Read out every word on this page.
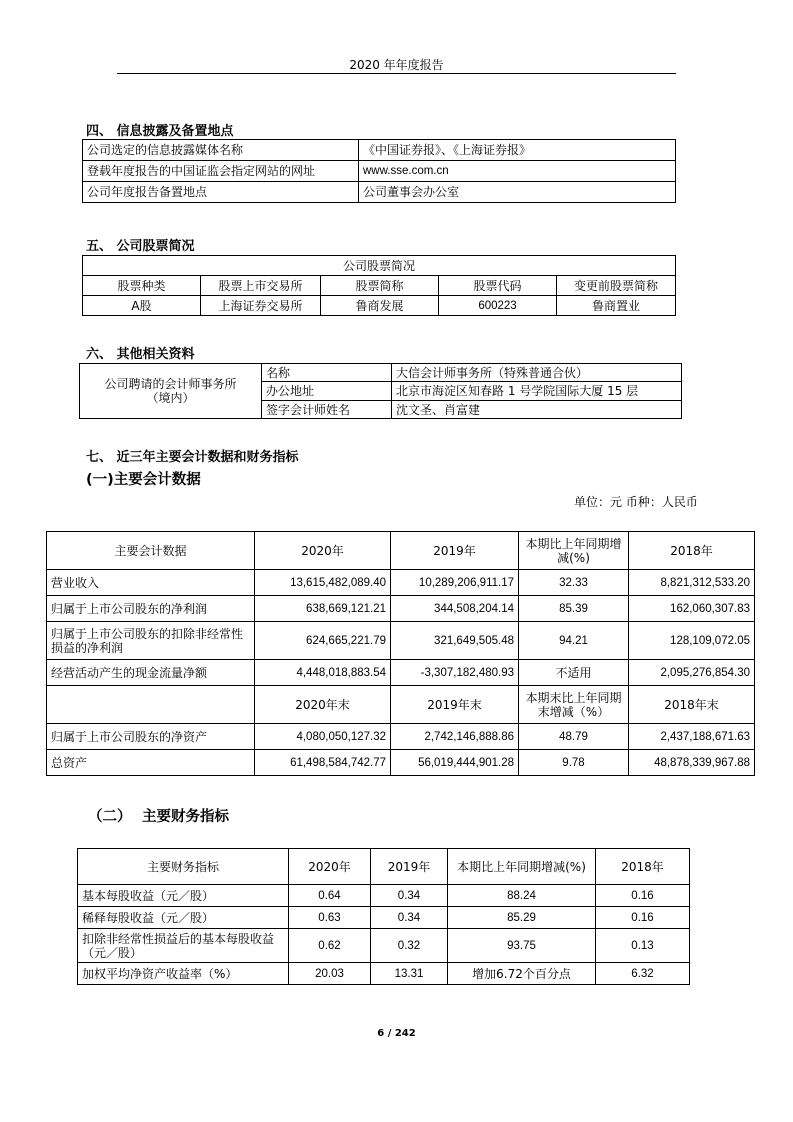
2020 年年度报告
四、 信息披露及备置地点
公司选定的信息披露媒体名称	《中国证券报》、《上海证券报》
登载年度报告的中国证监会指定网站的网址	www.sse.com.cn
公司年度报告备置地点	公司董事会办公室
五、 公司股票简况
公司股票简况				
股票种类	股票上市交易所	股票简称	股票代码	变更前股票简称
A股	上海证券交易所	鲁商发展	600223	鲁商置业
六、 其他相关资料
公司聘请的会计师事务所
（境内）	名称	大信会计师事务所（特殊普通合伙）
	办公地址	北京市海淀区知春路 1 号学院国际大厦 15 层
	签字会计师姓名	沈文圣、肖富建
七、 近三年主要会计数据和财务指标
(一)主要会计数据
单位：元 币种：人民币
主要会计数据	2020年	2019年	本期比上年同期增减(%)	2018年
营业收入	13,615,482,089.40	10,289,206,911.17	32.33	8,821,312,533.20
归属于上市公司股东的净利润	638,669,121.21	344,508,204.14	85.39	162,060,307.83
归属于上市公司股东的扣除非经常性损益的净利润	624,665,221.79	321,649,505.48	94.21	128,109,072.05
经营活动产生的现金流量净额	4,448,018,883.54	-3,307,182,480.93	不适用	2,095,276,854.30
	2020年末	2019年末	本期末比上年同期末增减（%）	2018年末
归属于上市公司股东的净资产	4,080,050,127.32	2,742,146,888.86	48.79	2,437,188,671.63
总资产	61,498,584,742.77	56,019,444,901.28	9.78	48,878,339,967.88
（二） 主要财务指标
主要财务指标	2020年	2019年	本期比上年同期增减(%)	2018年
基本每股收益（元／股）	0.64	0.34	88.24	0.16
稀释每股收益（元／股）	0.63	0.34	85.29	0.16
扣除非经常性损益后的基本每股收益（元／股）	0.62	0.32	93.75	0.13
加权平均净资产收益率（%）	20.03	13.31	增加6.72个百分点	6.32
6 / 242
